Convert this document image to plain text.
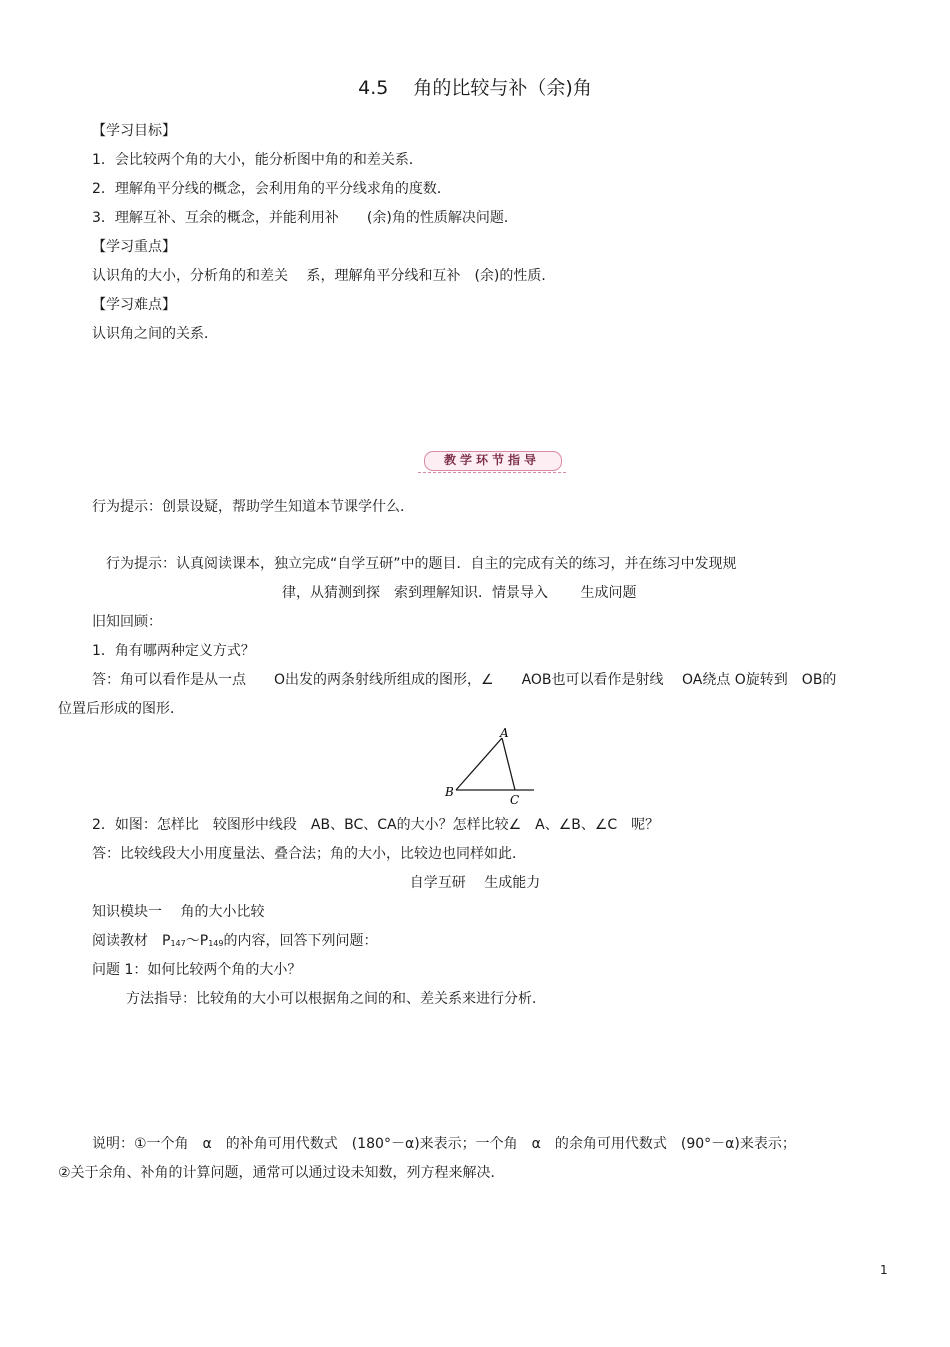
4.5　 角的比较与补（余)角
【学习目标】
1．会比较两个角的大小，能分析图中角的和差关系．
2．理解角平分线的概念，会利用角的平分线求角的度数．
3．理解互补、互余的概念，并能利用补　　(余)角的性质解决问题．
【学习重点】
认识角的大小，分析角的和差关　 系，理解角平分线和互补　(余)的性质．
【学习难点】
认识角之间的关系．
教学环节指导
行为提示：创景设疑，帮助学生知道本节课学什么．
行为提示：认真阅读课本，独立完成“自学互研”中的题目．自主的完成有关的练习，并在练习中发现规
律，从猜测到探　索到理解知识．情景导入　　 生成问题
旧知回顾：
1．角有哪两种定义方式？
答：角可以看作是从一点　　O出发的两条射线所组成的图形，∠　　AOB也可以看作是射线　 OA绕点 O旋转到　OB的
位置后形成的图形．
A
B
C
2．如图：怎样比　较图形中线段　AB、BC、CA的大小？怎样比较∠　A、∠B、∠C　呢？
答：比较线段大小用度量法、叠合法；角的大小，比较边也同样如此．
自学互研　 生成能力
知识模块一　 角的大小比较
阅读教材　P147～P149的内容，回答下列问题：
问题 1：如何比较两个角的大小？
方法指导：比较角的大小可以根据角之间的和、差关系来进行分析．
说明：①一个角　α　的补角可用代数式　(180°－α)来表示；一个角　α　的余角可用代数式　(90°－α)来表示；
②关于余角、补角的计算问题，通常可以通过设未知数，列方程来解决．
1
